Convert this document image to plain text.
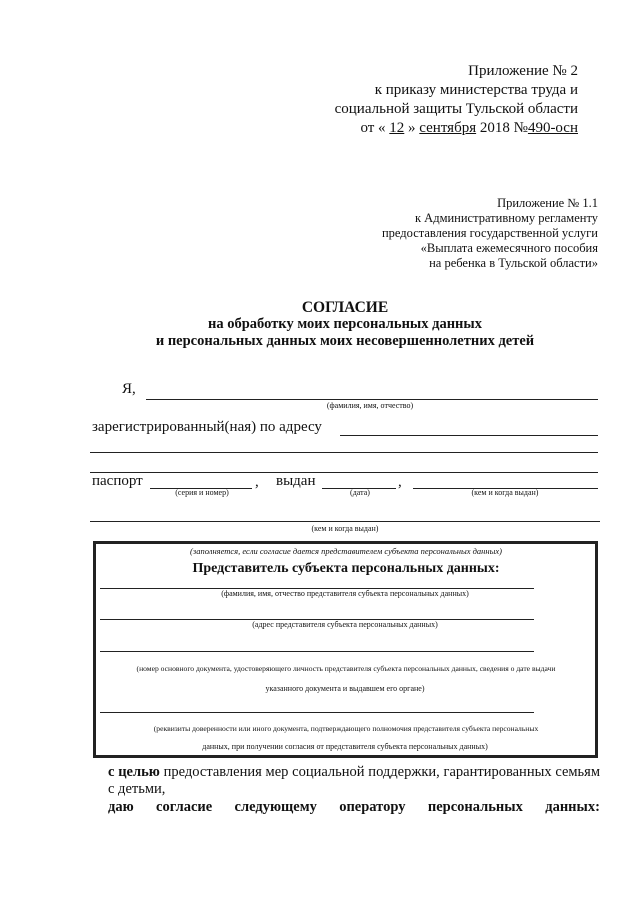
Приложение № 2
к приказу министерства труда и
социальной защиты Тульской области
от « 12 » сентября 2018 №490-осн
Приложение № 1.1
к Административному регламенту
предоставления государственной услуги
«Выплата ежемесячного пособия
на ребенка в Тульской области»
СОГЛАСИЕ
на обработку моих персональных данных
и персональных данных моих несовершеннолетних детей
Я,
(фамилия, имя, отчество)
зарегистрированный(ная) по адресу
паспорт
(серия и номер)
, выдан
(дата)
,
(кем и когда выдан)
(кем и когда выдан)
(заполняется, если согласие дается представителем субъекта персональных данных)
Представитель субъекта персональных данных:
(фамилия, имя, отчество представителя субъекта персональных данных)
(адрес представителя субъекта персональных данных)
(номер основного документа, удостоверяющего личность представителя субъекта персональных данных, сведения о дате выдачи
указанного документа и выдавшем его органе)
(реквизиты доверенности или иного документа, подтверждающего полномочия представителя субъекта персональных
данных, при получении согласия от представителя субъекта персональных данных)
с целью предоставления мер социальной поддержки, гарантированных семьям с детьми,
даю согласие следующему оператору персональных данных:
